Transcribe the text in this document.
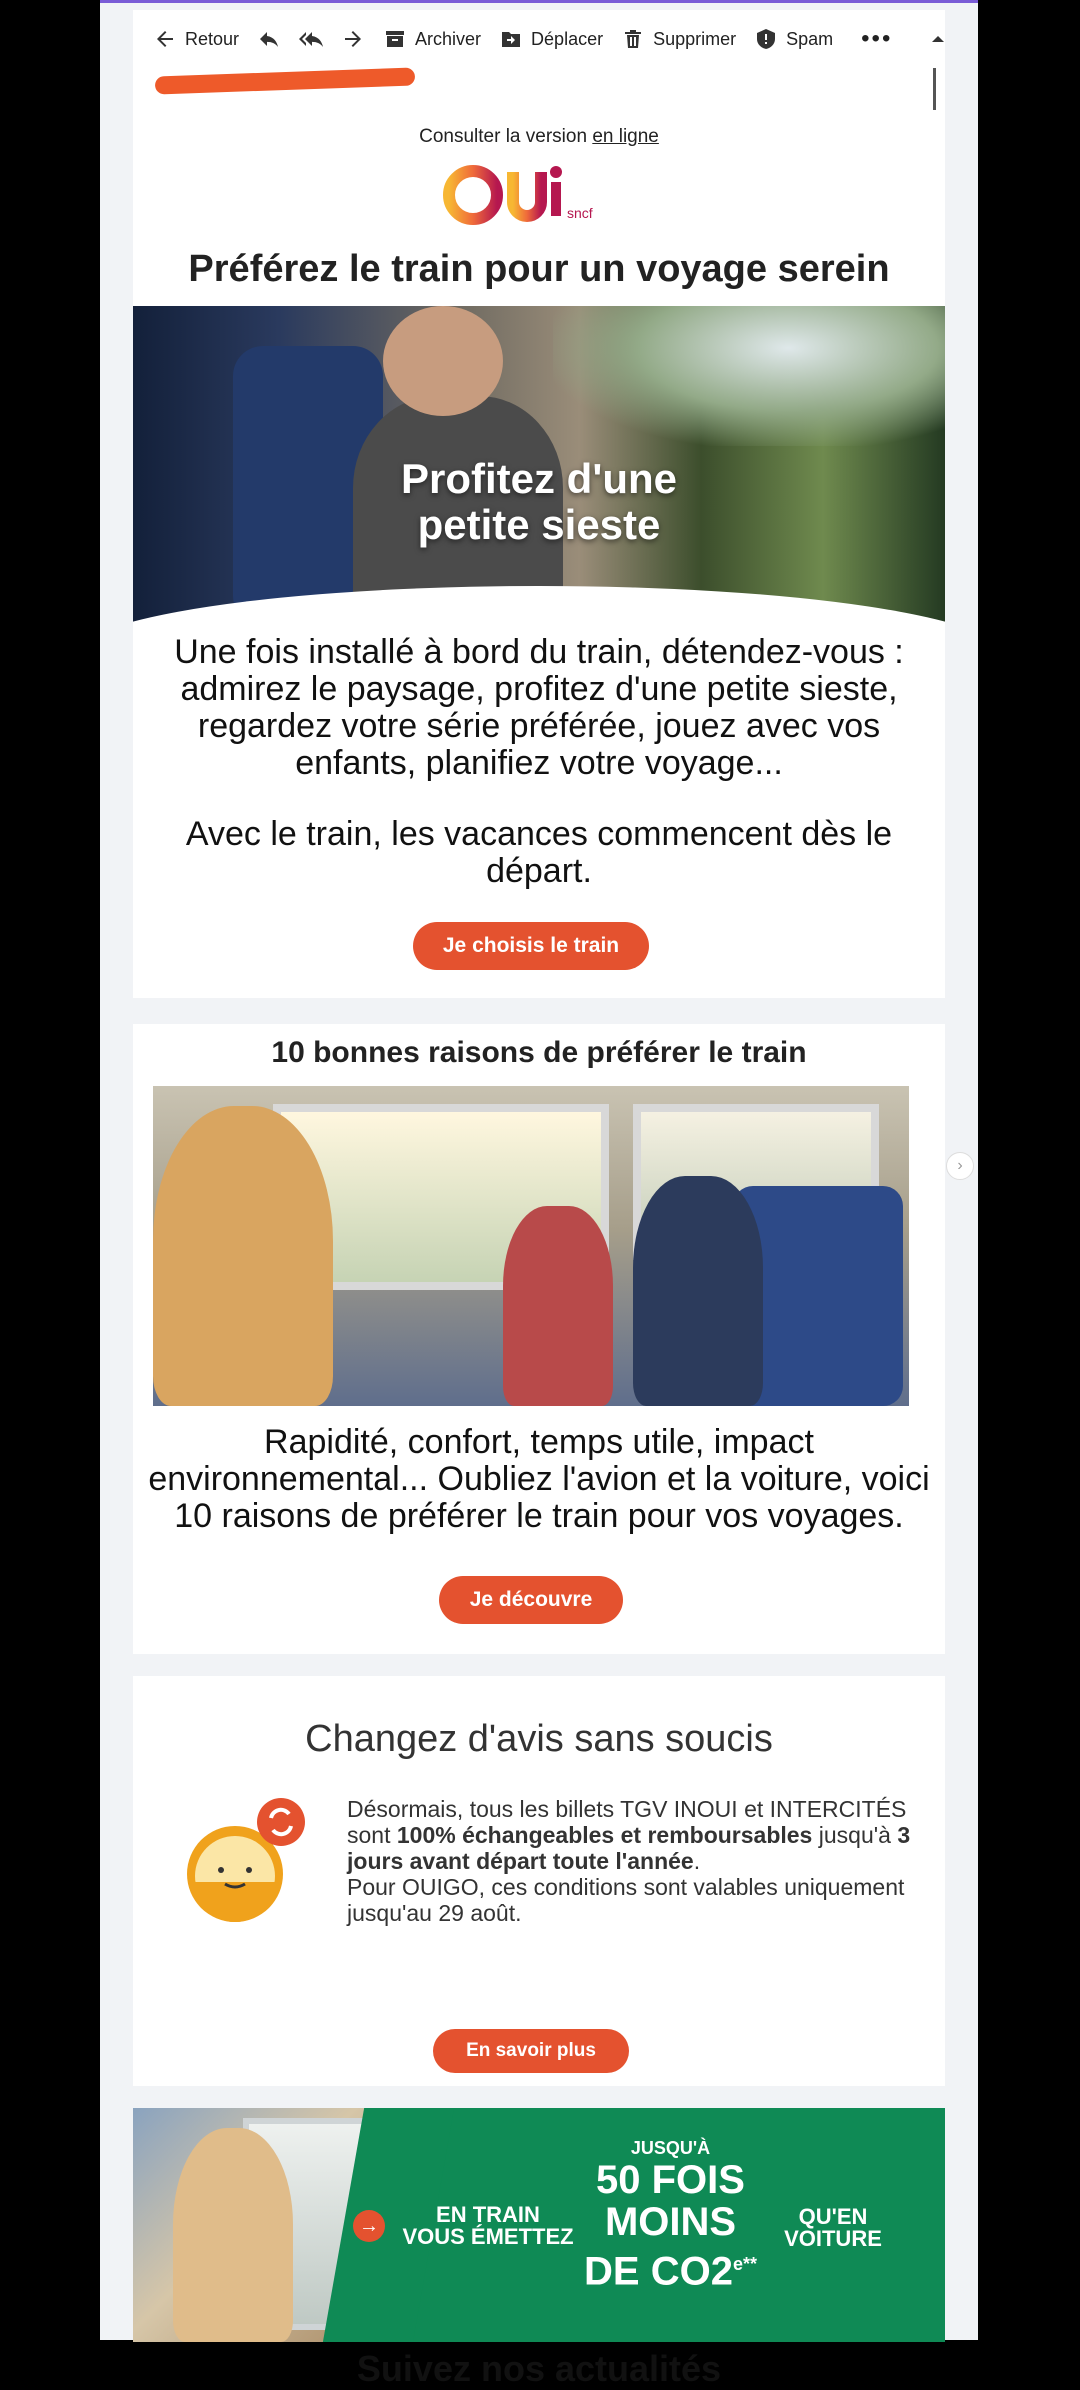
Retour	Archiver	Déplacer	Supprimer	Spam •••
Consulter la version en ligne
sncf
Préférez le train pour un voyage serein
Profitez d'une
petite sieste
Une fois installé à bord du train, détendez-vous : admirez le paysage, profitez d'une petite sieste, regardez votre série préférée, jouez avec vos enfants, planifiez votre voyage...
Avec le train, les vacances commencent dès le départ.
Je choisis le train
10 bonnes raisons de préférer le train
Rapidité, confort, temps utile, impact environnemental... Oubliez l'avion et la voiture, voici 10 raisons de préférer le train pour vos voyages.
Je découvre
Changez d'avis sans soucis
Désormais, tous les billets TGV INOUI et INTERCITÉS sont 100% échangeables et remboursables jusqu'à 3 jours avant départ toute l'année.
Pour OUIGO, ces conditions sont valables uniquement jusqu'au 29 août.
En savoir plus
→	EN TRAIN
VOUS ÉMETTEZ
JUSQU'À
50 FOIS
MOINS
DE $CO2^{e**}$
QU'EN
VOITURE
Suivez nos actualités
›
